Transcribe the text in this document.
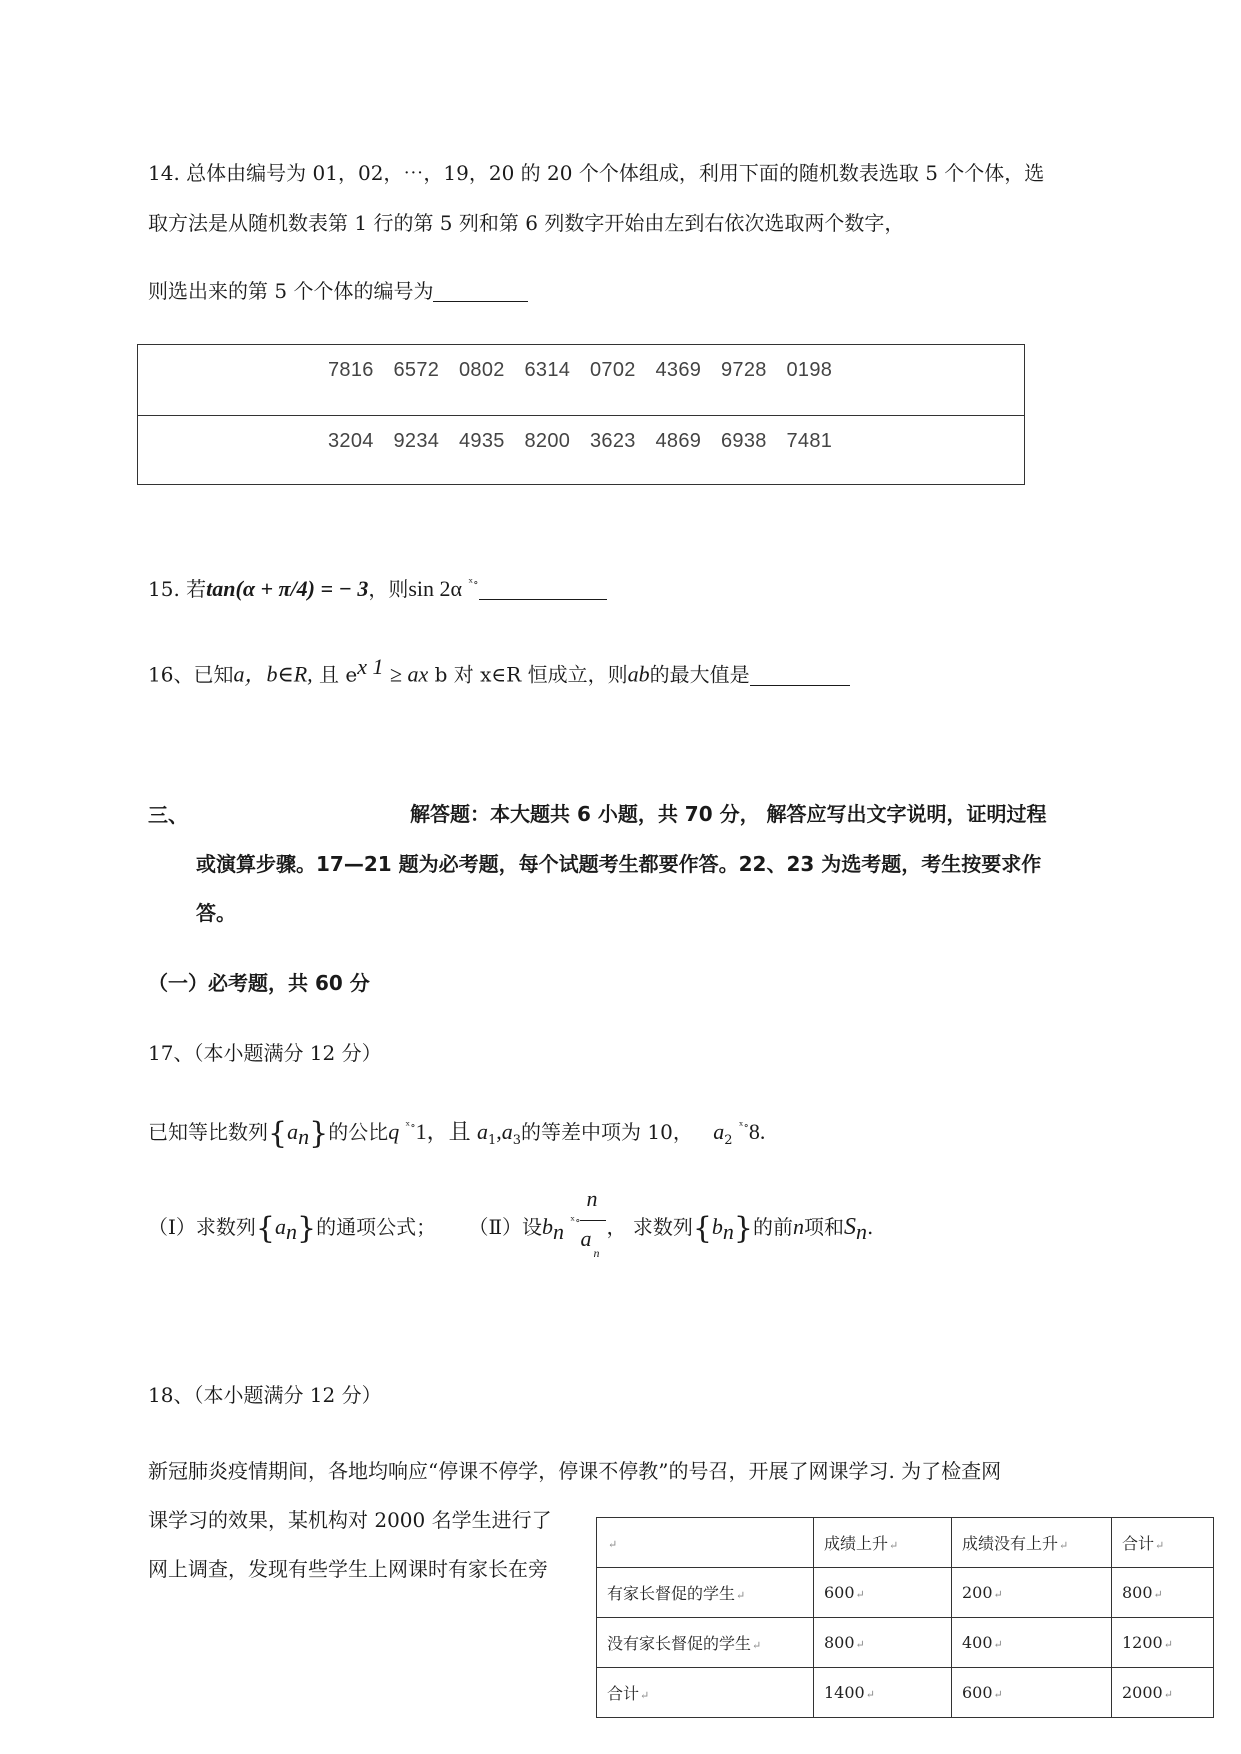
14. 总体由编号为 01，02，⋯，19，20 的 20 个个体组成，利用下面的随机数表选取 5 个个体，选
取方法是从随机数表第 1 行的第 5 列和第 6 列数字开始由左到右依次选取两个数字，
则选出来的第 5 个个体的编号为
7816 6572 0802 6314 0702 4369 9728 0198
3204 9234 4935 8200 3623 4869 6938 7481
15. 若tan(α + π/4) = − 3，则sin 2α $^{ˣ\circ}$
16、已知a，b∈R, 且 $e^{x 1}$ ≥ ax b 对 x∈R 恒成立，则ab的最大值是
三、	解答题：本大题共 6 小题，共 70 分， 解答应写出文字说明，证明过程
或演算步骤。17—21 题为必考题，每个试题考生都要作答。22、23 为选考题，考生按要求作
答。
（一）必考题，共 60 分
17、（本小题满分 12 分）
已知等比数列$\{a_n\}$的公比q $^{ˣ\circ}$1，且 $a_1,a_3$的等差中项为 10， $a_2$ $^{ˣ\circ}$8.
（Ⅰ）求数列$\{a_n\}$的通项公式； （Ⅱ）设$b_n$ $^{ˣ\circ}$
n
a
n
， 求数列$\{b_n\}$的前n项和$S_n$.
18、（本小题满分 12 分）
新冠肺炎疫情期间，各地均响应“停课不停学，停课不停教”的号召，开展了网课学习. 为了检查网
课学习的效果，某机构对 2000 名学生进行了
网上调查，发现有些学生上网课时有家长在旁
↵	成绩上升↵	成绩没有上升↵	合计↵
有家长督促的学生↵	600↵	200↵	800↵
没有家长督促的学生↵	800↵	400↵	1200↵
合计↵	1400↵	600↵	2000↵
